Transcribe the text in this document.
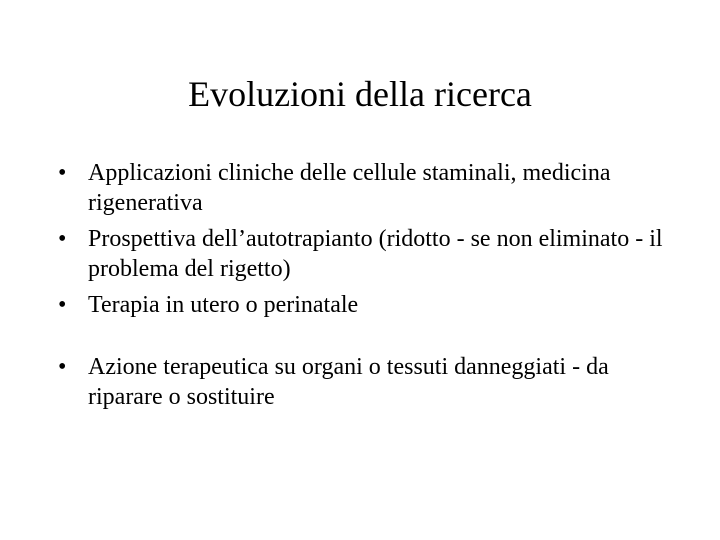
Evoluzioni della ricerca
• Applicazioni cliniche delle cellule staminali, medicina rigenerativa
• Prospettiva dell’autotrapianto (ridotto - se non eliminato - il problema del rigetto)
• Terapia in utero o perinatale
• Azione terapeutica su organi o tessuti danneggiati - da riparare o sostituire
